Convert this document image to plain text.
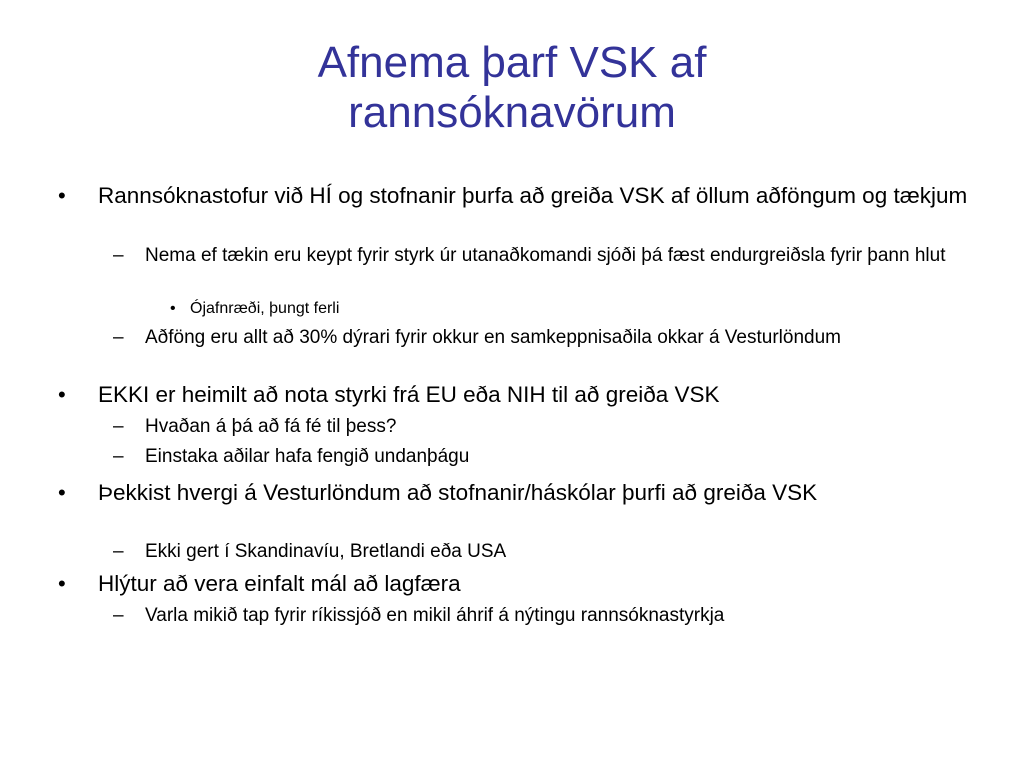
Afnema þarf VSK af
rannsóknavörum
• Rannsóknastofur við HÍ og stofnanir þurfa að greiða VSK af öllum aðföngum og tækjum
– Nema ef tækin eru keypt fyrir styrk úr utanaðkomandi sjóði þá fæst endurgreiðsla fyrir þann hlut
• Ójafnræði, þungt ferli
– Aðföng eru allt að 30% dýrari fyrir okkur en samkeppnisaðila okkar á Vesturlöndum
• EKKI er heimilt að nota styrki frá EU eða NIH til að greiða VSK
– Hvaðan á þá að fá fé til þess?
– Einstaka aðilar hafa fengið undanþágu
• Þekkist hvergi á Vesturlöndum að stofnanir/háskólar þurfi að greiða VSK
– Ekki gert í Skandinavíu, Bretlandi eða USA
• Hlýtur að vera einfalt mál að lagfæra
– Varla mikið tap fyrir ríkissjóð en mikil áhrif á nýtingu rannsóknastyrkja
